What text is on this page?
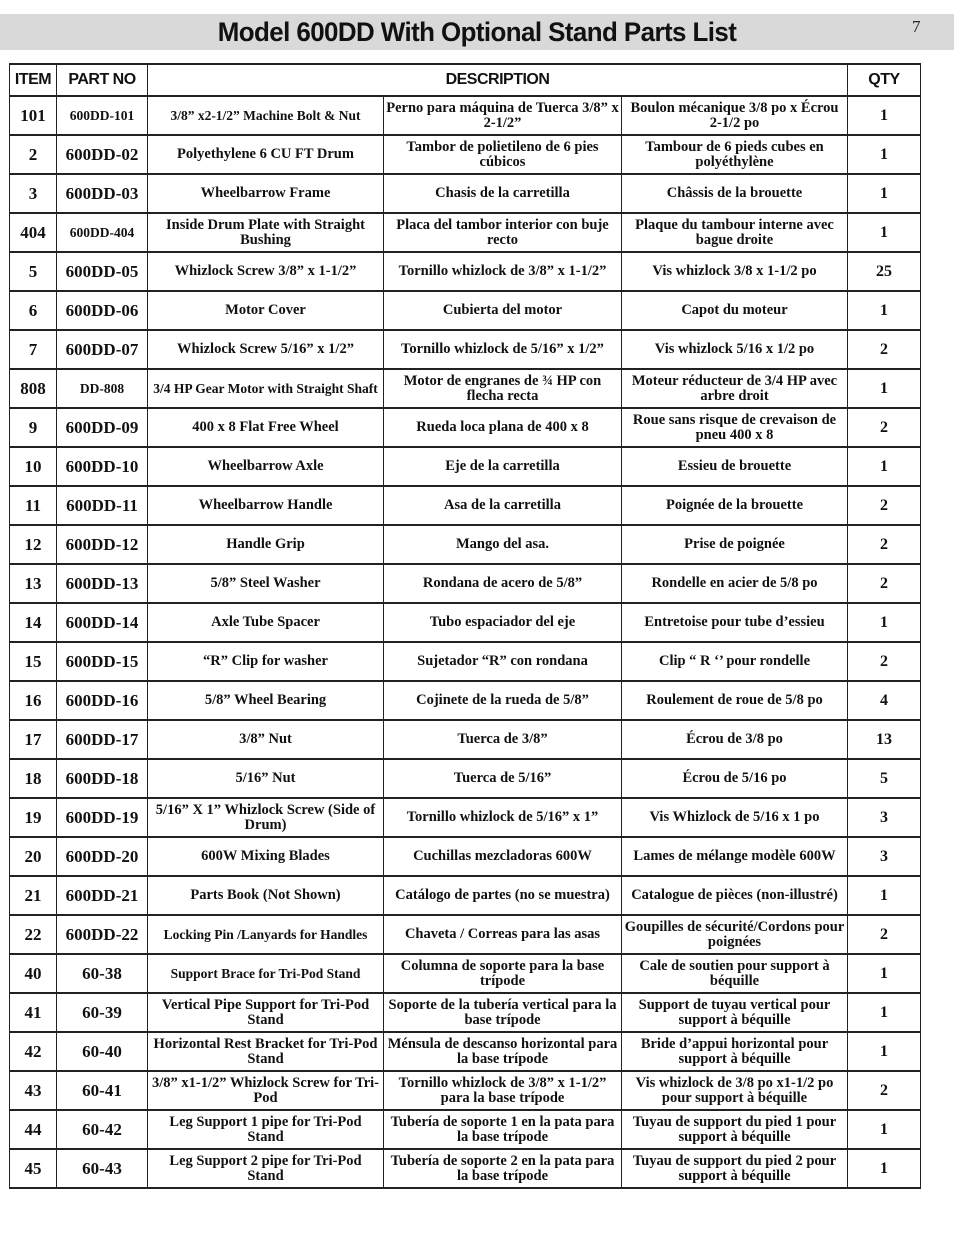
Model 600DD With Optional Stand Parts List	7
ITEM	PART NO	DESCRIPTION			QTY
101	600DD-101	3/8” x2-1/2” Machine Bolt & Nut	Perno para máquina de Tuerca 3/8” x 2-1/2”	Boulon mécanique 3/8 po x Écrou 2-1/2 po	1
2	600DD-02	Polyethylene 6 CU FT Drum	Tambor de polietileno de 6 pies cúbicos	Tambour de 6 pieds cubes en polyéthylène	1
3	600DD-03	Wheelbarrow Frame	Chasis de la carretilla	Châssis de la brouette	1
404	600DD-404	Inside Drum Plate with Straight Bushing	Placa del tambor interior con buje recto	Plaque du tambour interne avec bague droite	1
5	600DD-05	Whizlock Screw 3/8” x 1-1/2”	Tornillo whizlock de 3/8” x 1-1/2”	Vis whizlock 3/8 x 1-1/2 po	25
6	600DD-06	Motor Cover	Cubierta del motor	Capot du moteur	1
7	600DD-07	Whizlock Screw 5/16” x 1/2”	Tornillo whizlock de 5/16” x 1/2”	Vis whizlock 5/16 x 1/2 po	2
808	DD-808	3/4 HP Gear Motor with Straight Shaft	Motor de engranes de ¾ HP con flecha recta	Moteur réducteur de 3/4 HP avec arbre droit	1
9	600DD-09	400 x 8 Flat Free Wheel	Rueda loca plana de 400 x 8	Roue sans risque de crevaison de pneu 400 x 8	2
10	600DD-10	Wheelbarrow Axle	Eje de la carretilla	Essieu de brouette	1
11	600DD-11	Wheelbarrow Handle	Asa de la carretilla	Poignée de la brouette	2
12	600DD-12	Handle Grip	Mango del asa.	Prise de poignée	2
13	600DD-13	5/8” Steel Washer	Rondana de acero de 5/8”	Rondelle en acier de 5/8 po	2
14	600DD-14	Axle Tube Spacer	Tubo espaciador del eje	Entretoise pour tube d’essieu	1
15	600DD-15	“R” Clip for washer	Sujetador “R” con rondana	Clip “ R ‘’ pour rondelle	2
16	600DD-16	5/8” Wheel Bearing	Cojinete de la rueda de 5/8”	Roulement de roue de 5/8 po	4
17	600DD-17	3/8” Nut	Tuerca de 3/8”	Écrou de 3/8 po	13
18	600DD-18	5/16” Nut	Tuerca de 5/16”	Écrou de 5/16 po	5
19	600DD-19	5/16” X 1” Whizlock Screw (Side of Drum)	Tornillo whizlock de 5/16” x 1”	Vis Whizlock de 5/16 x 1 po	3
20	600DD-20	600W Mixing Blades	Cuchillas mezcladoras 600W	Lames de mélange modèle 600W	3
21	600DD-21	Parts Book (Not Shown)	Catálogo de partes (no se muestra)	Catalogue de pièces (non-illustré)	1
22	600DD-22	Locking Pin /Lanyards for Handles	Chaveta / Correas para las asas	Goupilles de sécurité/Cordons pour poignées	2
40	60-38	Support Brace for Tri-Pod Stand	Columna de soporte para la base trípode	Cale de soutien pour support à béquille	1
41	60-39	Vertical Pipe Support for Tri-Pod Stand	Soporte de la tubería vertical para la base trípode	Support de tuyau vertical pour support à béquille	1
42	60-40	Horizontal Rest Bracket for Tri-Pod Stand	Ménsula de descanso horizontal para la base trípode	Bride d’appui horizontal pour support à béquille	1
43	60-41	3/8” x1-1/2” Whizlock Screw for Tri-Pod	Tornillo whizlock de 3/8” x 1-1/2” para la base trípode	Vis whizlock de 3/8 po x1-1/2 po pour support à béquille	2
44	60-42	Leg Support 1 pipe for Tri-Pod Stand	Tubería de soporte 1 en la pata para la base trípode	Tuyau de support du pied 1 pour support à béquille	1
45	60-43	Leg Support 2 pipe for Tri-Pod Stand	Tubería de soporte 2 en la pata para la base trípode	Tuyau de support du pied 2 pour support à béquille	1
